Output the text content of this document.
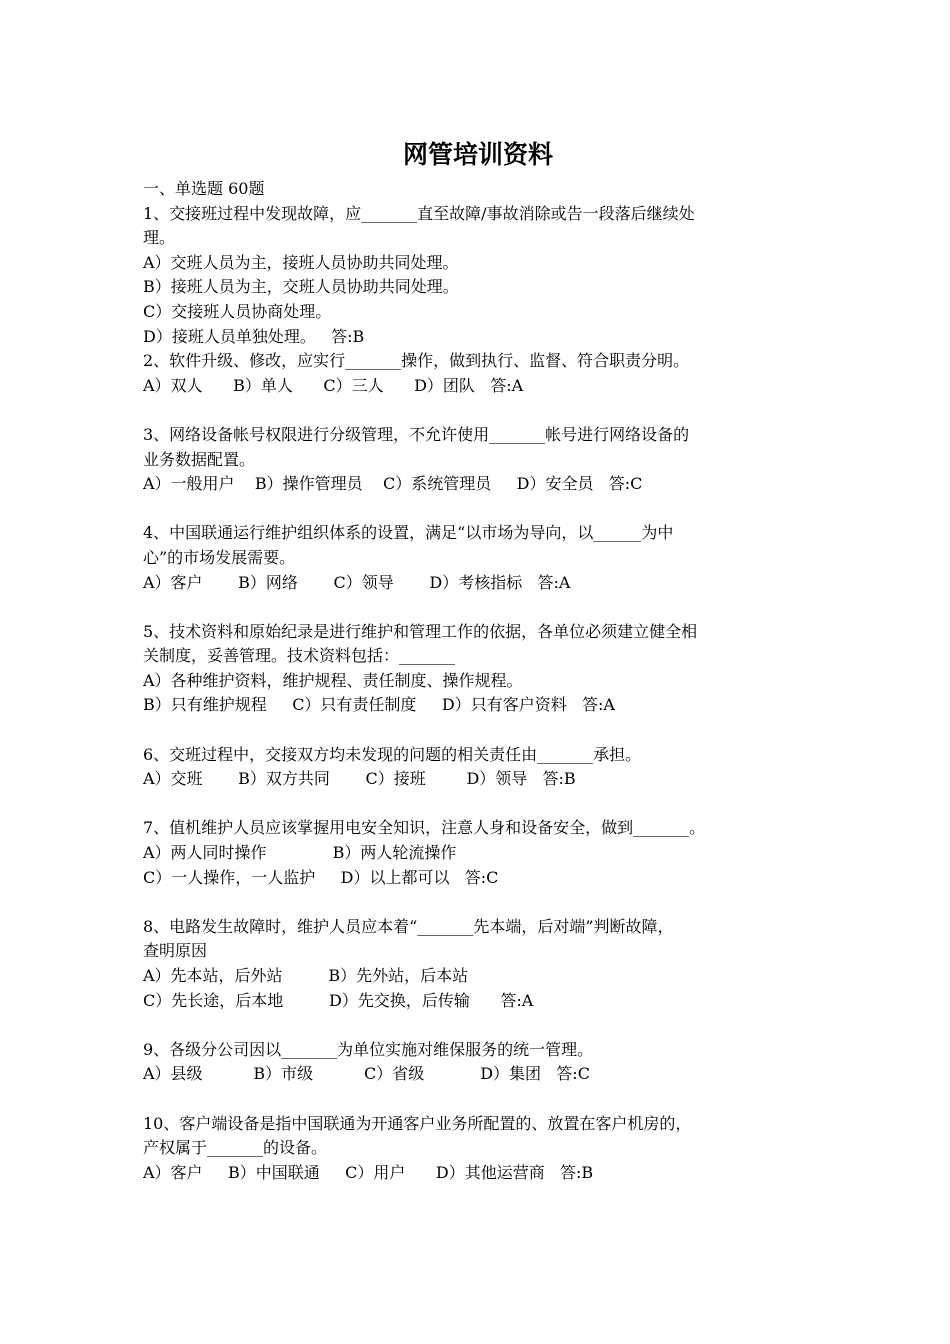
网管培训资料
一、单选题 60题
1、交接班过程中发现故障，应_______直至故障/事故消除或告一段落后继续处
理。
A）交班人员为主，接班人员协助共同处理。
B）接班人员为主，交班人员协助共同处理。
C）交接班人员协商处理。
D）接班人员单独处理。   答:B
2、软件升级、修改，应实行_______操作，做到执行、监督、符合职责分明。
A）双人      B）单人      C）三人      D）团队   答:A
3、网络设备帐号权限进行分级管理，不允许使用_______帐号进行网络设备的
业务数据配置。
A）一般用户    B）操作管理员    C）系统管理员     D）安全员   答:C
4、中国联通运行维护组织体系的设置，满足“以市场为导向，以______为中
心”的市场发展需要。
A）客户       B）网络       C）领导       D）考核指标   答:A
5、技术资料和原始纪录是进行维护和管理工作的依据，各单位必须建立健全相
关制度，妥善管理。技术资料包括：_______
A）各种维护资料，维护规程、责任制度、操作规程。
B）只有维护规程     C）只有责任制度     D）只有客户资料   答:A
6、交班过程中，交接双方均未发现的问题的相关责任由_______承担。
A）交班       B）双方共同       C）接班        D）领导   答:B
7、值机维护人员应该掌握用电安全知识，注意人身和设备安全，做到_______。
A）两人同时操作             B）两人轮流操作
C）一人操作，一人监护     D）以上都可以   答:C
8、电路发生故障时，维护人员应本着“_______先本端，后对端”判断故障，
查明原因
A）先本站，后外站         B）先外站，后本站
C）先长途，后本地         D）先交换，后传输      答:A
9、各级分公司因以_______为单位实施对维保服务的统一管理。
A）县级          B）市级          C）省级           D）集团   答:C
10、客户端设备是指中国联通为开通客户业务所配置的、放置在客户机房的，
产权属于_______的设备。
A）客户     B）中国联通     C）用户      D）其他运营商   答:B
